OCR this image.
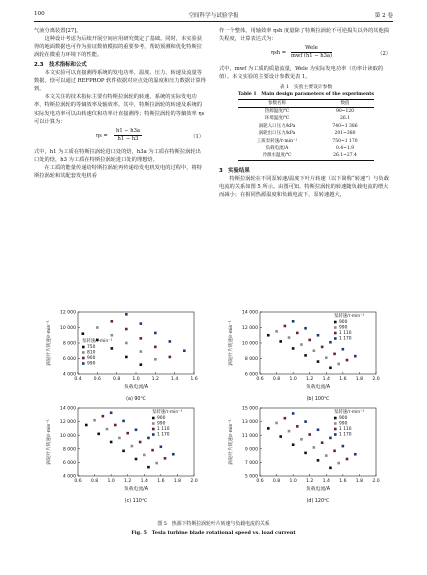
100	空间科学与试验学报	第 2 卷

气液分离装置[27]。

这种设计考虑为后续开展空间应用研究奠定了基础。同时，本实验获得的地面数据也可作为验证数值模拟的重要参考，帮助预测和优化特斯拉涡轮在微重力环境下的性能。

2.3　技术指标和公式

本文实验可以直接测得系统的发电功率、温度、压力、转速及流量等数据。焓可以通过 REFPROP 软件依据对应点处的温度和压力数据计算得到。

本文关注的技术指标主要有特斯拉涡轮的转速、系统的实际发电功率、特斯拉涡轮的等熵效率及轴效率。其中，特斯拉涡轮的转速及系统的实际发电功率可以由转速仪和功率计直接测得；特斯拉涡轮的等熵效率 ηs 可以计算为：

$\eta s = \frac{h1 - h3a}{h1 - h3}$	（1）

式中，h1 为工质在特斯拉涡轮进口处的焓，h3a 为工质在特斯拉涡轮出口处的焓，h3 为工质在特斯拉涡轮进口处的理想焓。

在工质的能量传递给特斯拉涡轮再传递给发电机发电的过程中，将特斯拉涡轮和其配套发电机看

作一个整体，用轴效率 ηsh 度量除了特斯拉涡轮不可逆损失以外的其他损失程度，计算表达式为：

ηsh =
Wele
mwf (h1 − h3a)	（2）

式中，mwf 为工质的质量流量，Wele 为实际发电功率（功率计读取的值）。本文实验的主要设计参数见表 1。

表 1　实验主要设计参数
Table 1　Main design parameters of the experiments
参数名称	数值
热源温度/℃	90~120
环境温度/℃	26.1
涡轮入口压力/kPa	740~1 386
涡轮出口压力/kPa	201~380
工质泵转速/r·min⁻¹	750~1 170
负载电流/A	0.4~1.9
冷源水温度/℃	26.1~27.4

3　实验结果

特斯拉涡轮在不同泵转速/温度下叶片转速（以下简称“转速”）与负载电流的关系如图 5 所示。由图可知，特斯拉涡轮的转速随负载电流的增大而减小；在相同热源温度和负载电流下，泵转速越大，

0.4	0.6	0.8	1.0	1.2	1.4	1.6
4 000
6 000
8 000
10 000
12 000
负载电流/A
涡轮叶片转速/r·min⁻¹
(a) 90℃
泵转速/r·min⁻¹
750
810
900
990
0.6 0.8 1.0 1.2 1.4 1.6 1.8 2.0
6 000
8 000
10 000
12 000
14 000
负载电流/A
涡轮叶片转速/r·min⁻¹
(b) 100℃
泵转速/r·min⁻¹
900
990
1 110
1 170
0.6 0.8 1.0 1.2 1.4 1.6 1.8 2.0
4 000
6 000
8 000
10 000
12 000
14 000
负载电流/A
涡轮叶片转速/r·min⁻¹
(c) 110℃
泵转速/r·min⁻¹
900
990
1 110
1 170
0.6 0.8 1.0 1.2 1.4 1.6 1.8 2.0
5 000
7 000
9 000
11 000
13 000
15 000
负载电流/A
涡轮叶片转速/r·min⁻¹
(d) 120℃
泵转速/r·min⁻¹
900
990
1 110
1 170
图 5　热源下特斯拉涡轮叶片转速与负载电流的关系
Fig. 5　Tesla turbine blade rotational speed vs. load current
